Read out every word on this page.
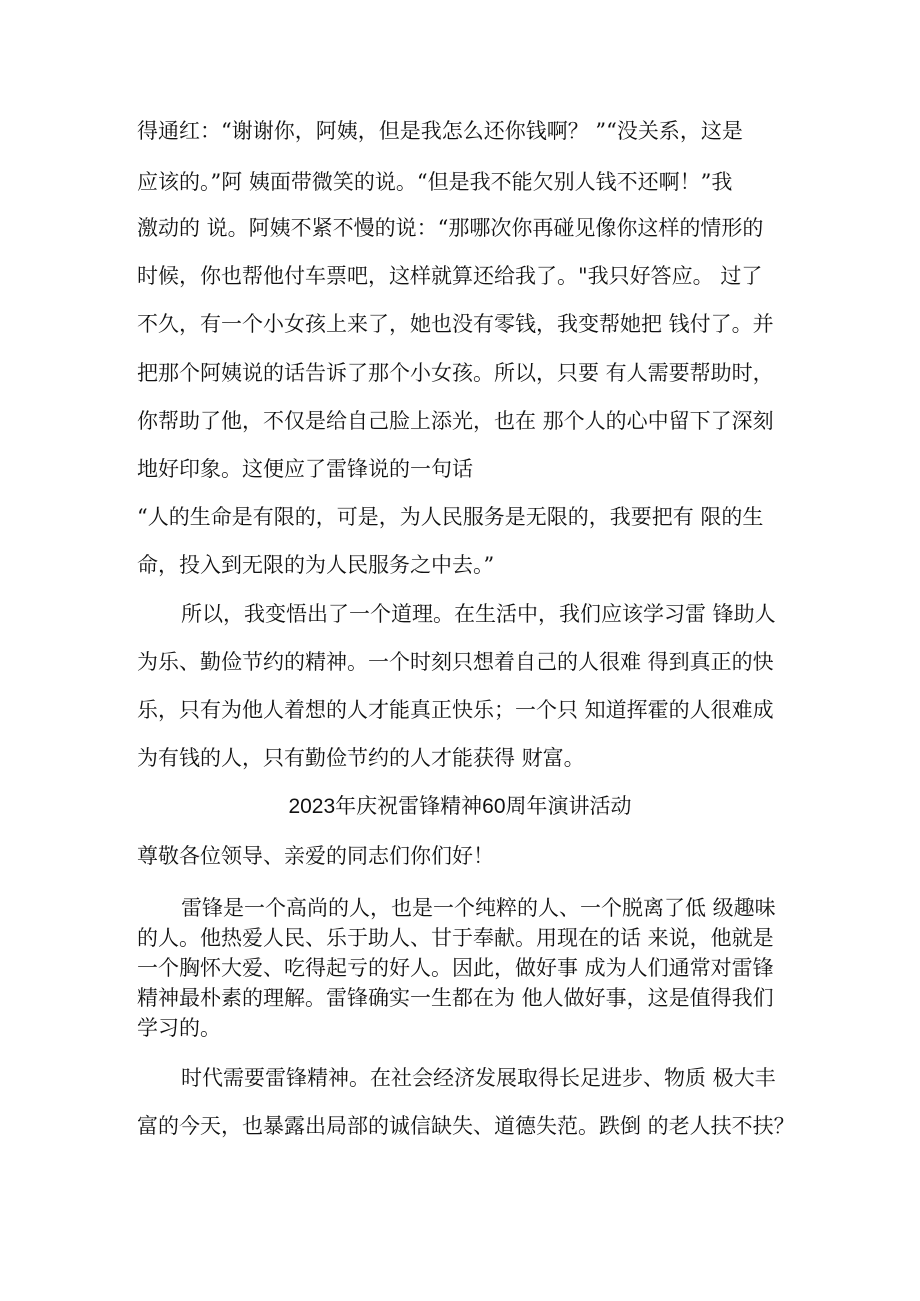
得通红：“谢谢你，阿姨，但是我怎么还你钱啊？ ”“没关系，这是
应该的。”阿 姨面带微笑的说。“但是我不能欠别人钱不还啊！”我
激动的 说。阿姨不紧不慢的说：“那哪次你再碰见像你这样的情形的
时候，你也帮他付车票吧，这样就算还给我了。"我只好答应。 过了
不久，有一个小女孩上来了，她也没有零钱，我变帮她把 钱付了。并
把那个阿姨说的话告诉了那个小女孩。所以，只要 有人需要帮助时，
你帮助了他，不仅是给自己脸上添光，也在 那个人的心中留下了深刻
地好印象。这便应了雷锋说的一句话
“人的生命是有限的，可是，为人民服务是无限的，我要把有 限的生
命，投入到无限的为人民服务之中去。”
所以，我变悟出了一个道理。在生活中，我们应该学习雷 锋助人
为乐、勤俭节约的精神。一个时刻只想着自己的人很难 得到真正的快
乐，只有为他人着想的人才能真正快乐；一个只 知道挥霍的人很难成
为有钱的人，只有勤俭节约的人才能获得 财富。
2023年庆祝雷锋精神60周年演讲活动
尊敬各位领导、亲爱的同志们你们好！
雷锋是一个高尚的人，也是一个纯粹的人、一个脱离了低 级趣味
的人。他热爱人民、乐于助人、甘于奉献。用现在的话 来说，他就是
一个胸怀大爱、吃得起亏的好人。因此，做好事 成为人们通常对雷锋
精神最朴素的理解。雷锋确实一生都在为 他人做好事，这是值得我们
学习的。
时代需要雷锋精神。在社会经济发展取得长足进步、物质 极大丰
富的今天，也暴露出局部的诚信缺失、道德失范。跌倒 的老人扶不扶？
